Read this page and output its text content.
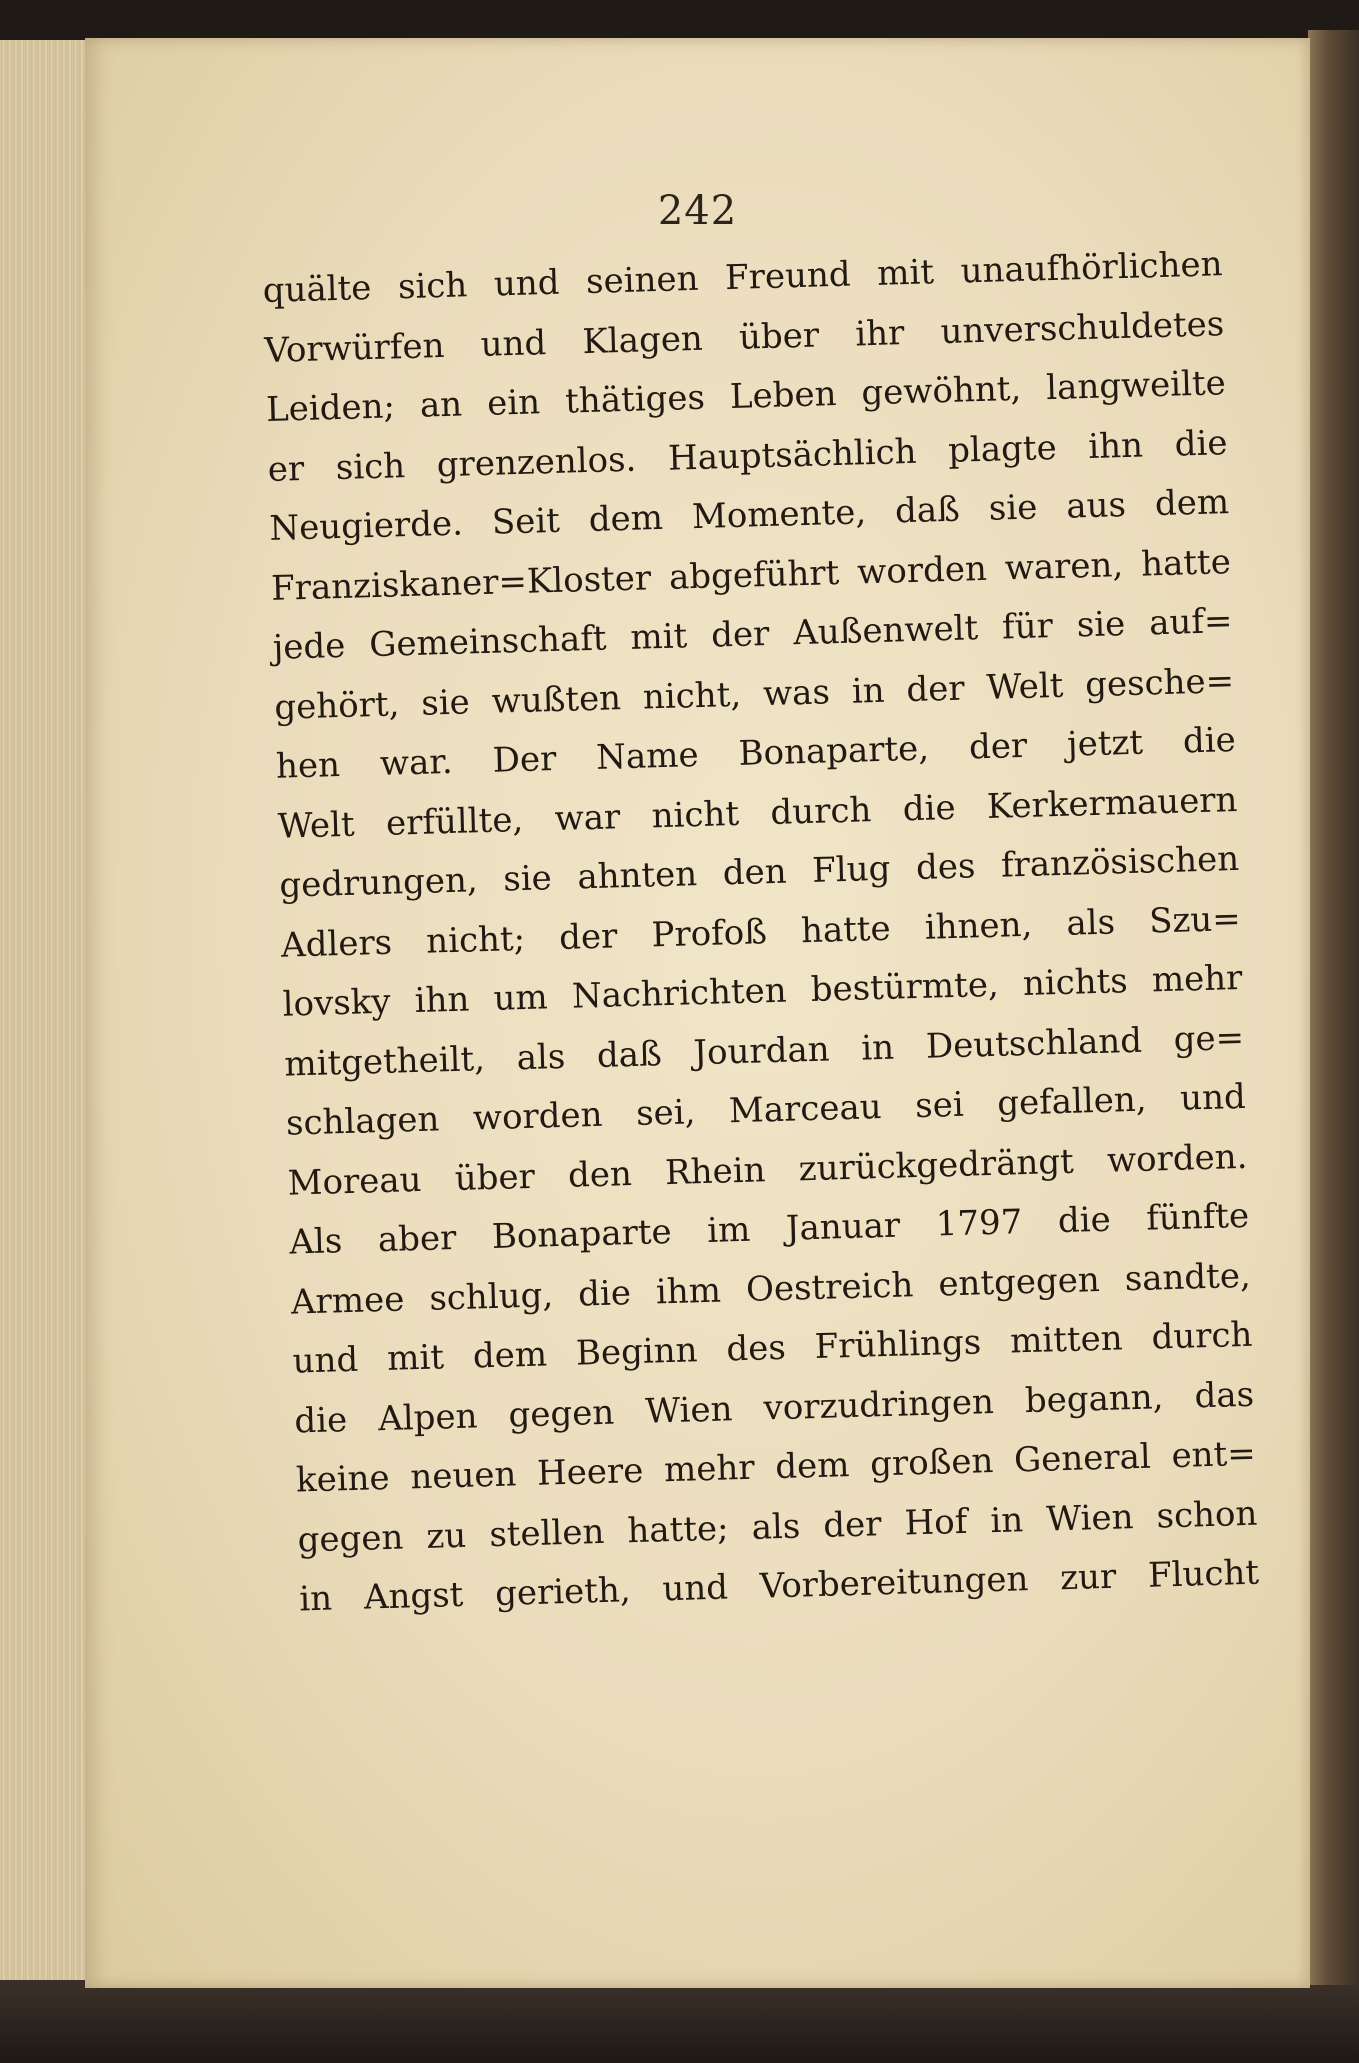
242
quälte sich und seinen Freund mit unaufhörlichen
Vorwürfen und Klagen über ihr unverschuldetes
Leiden; an ein thätiges Leben gewöhnt, langweilte
er sich grenzenlos. Hauptsächlich plagte ihn die
Neugierde. Seit dem Momente, daß sie aus dem
Franziskaner=Kloster abgeführt worden waren, hatte
jede Gemeinschaft mit der Außenwelt für sie auf=
gehört, sie wußten nicht, was in der Welt gesche=
hen war. Der Name Bonaparte, der jetzt die
Welt erfüllte, war nicht durch die Kerkermauern
gedrungen, sie ahnten den Flug des französischen
Adlers nicht; der Profoß hatte ihnen, als Szu=
lovsky ihn um Nachrichten bestürmte, nichts mehr
mitgetheilt, als daß Jourdan in Deutschland ge=
schlagen worden sei, Marceau sei gefallen, und
Moreau über den Rhein zurückgedrängt worden.
Als aber Bonaparte im Januar 1797 die fünfte
Armee schlug, die ihm Oestreich entgegen sandte,
und mit dem Beginn des Frühlings mitten durch
die Alpen gegen Wien vorzudringen begann, das
keine neuen Heere mehr dem großen General ent=
gegen zu stellen hatte; als der Hof in Wien schon
in Angst gerieth, und Vorbereitungen zur Flucht
